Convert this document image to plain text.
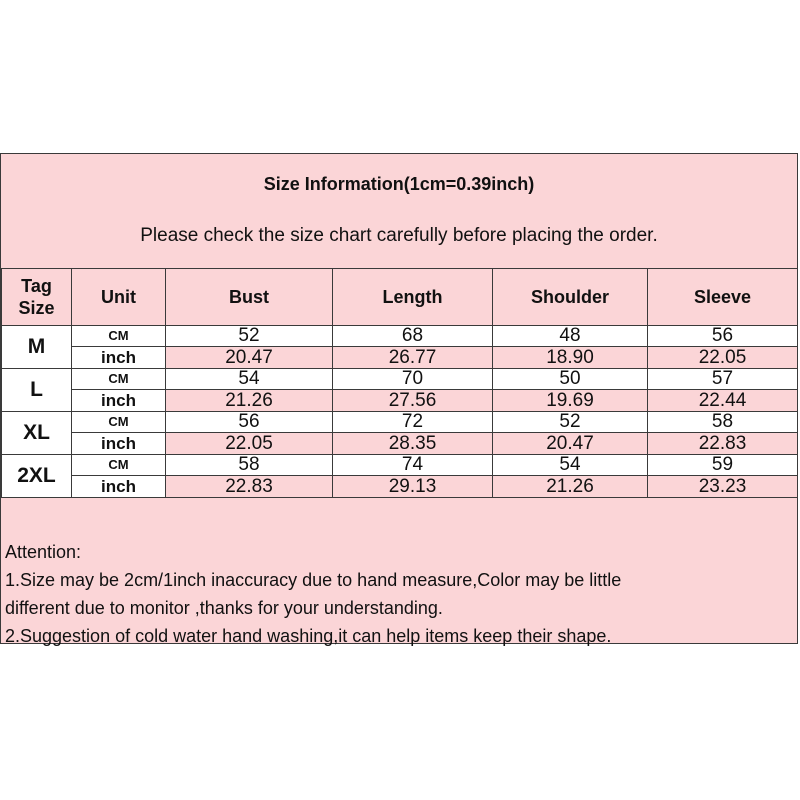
Size Information(1cm=0.39inch)
Please check the size chart carefully before placing the order.
Tag
Size	Unit	Bust	Length	Shoulder	Sleeve
M	CM	52	68	48	56
	inch	20.47	26.77	18.90	22.05
L	CM	54	70	50	57
	inch	21.26	27.56	19.69	22.44
XL	CM	56	72	52	58
	inch	22.05	28.35	20.47	22.83
2XL	CM	58	74	54	59
	inch	22.83	29.13	21.26	23.23
Attention:
1.Size may be 2cm/1inch inaccuracy due to hand measure,Color may be little
different due to monitor ,thanks for your understanding.
2.Suggestion of cold water hand washing,it can help items keep their shape.
